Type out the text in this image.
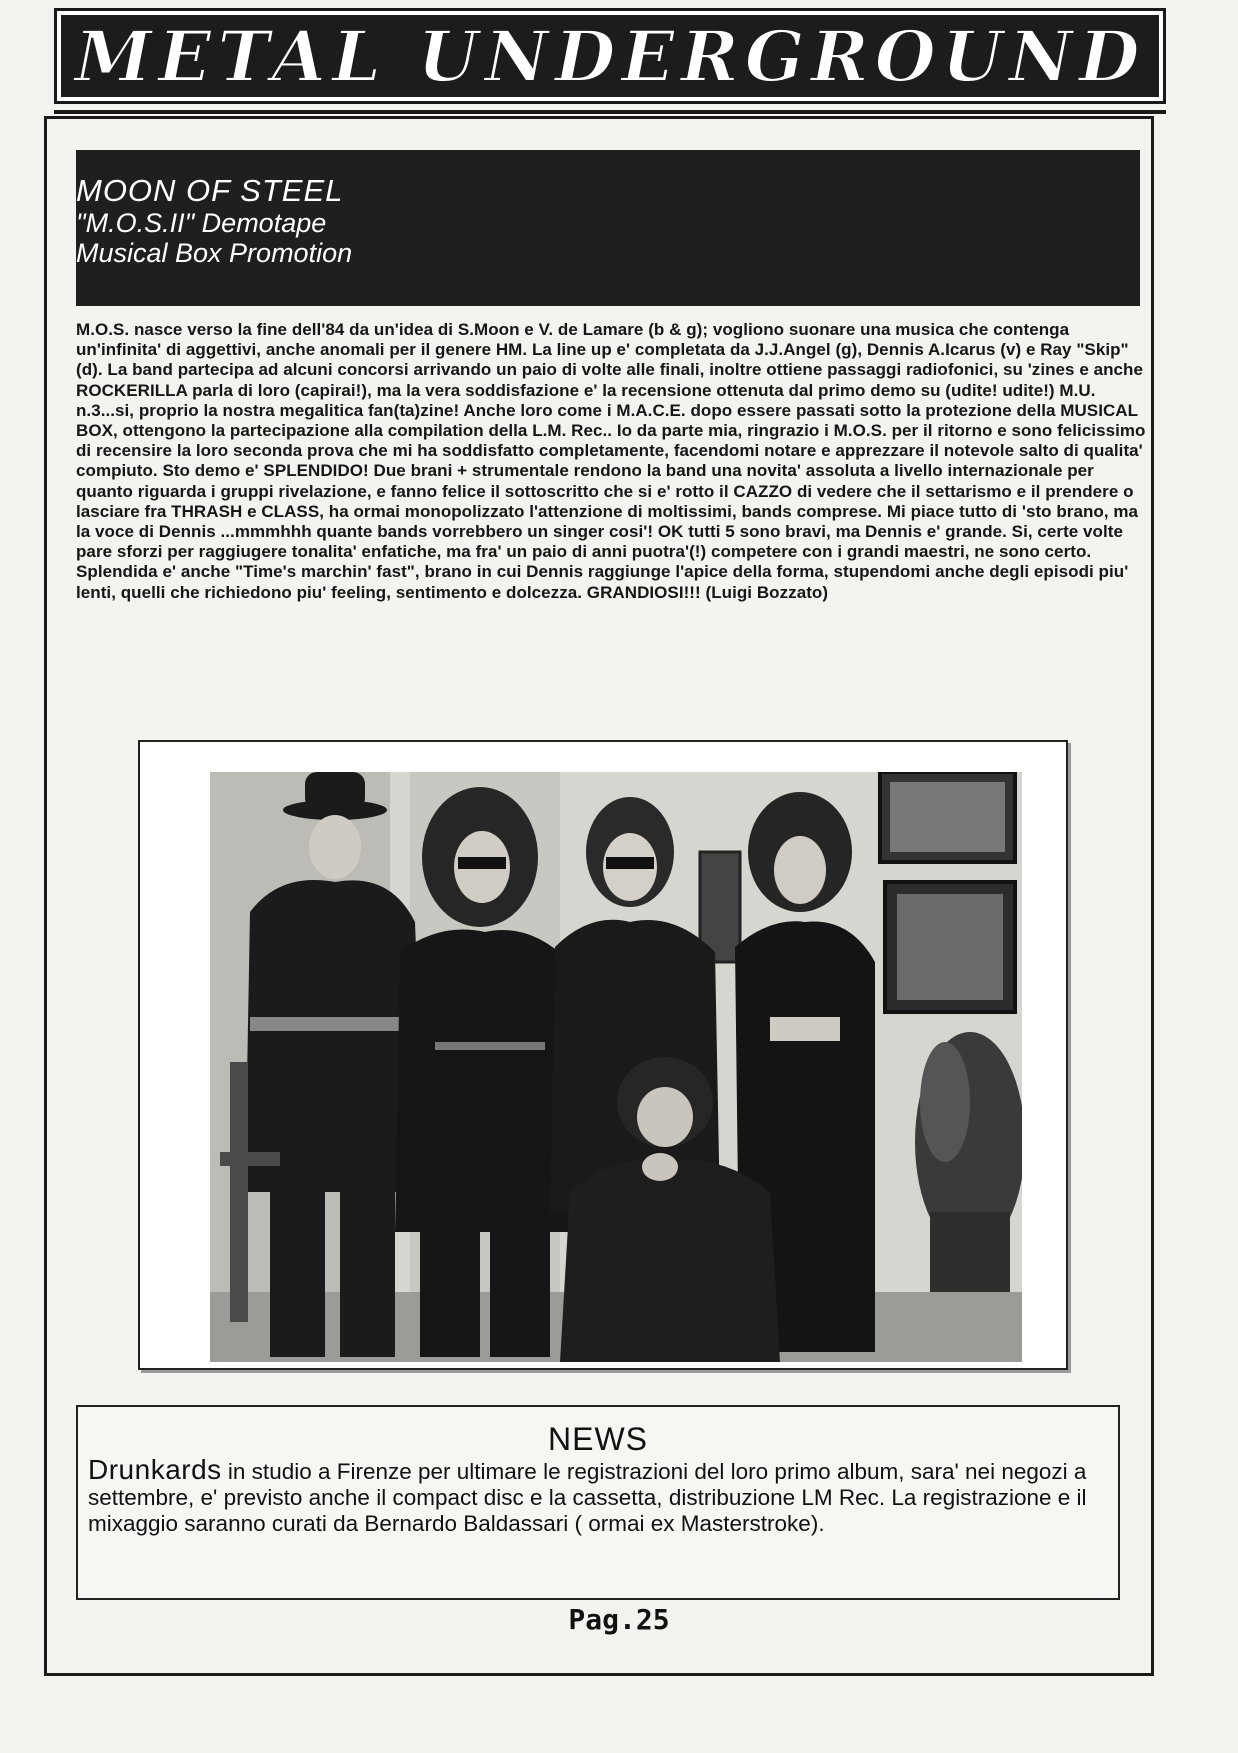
METAL UNDERGROUND

MOON OF STEEL

"M.O.S.II" Demotape

Musical Box Promotion

M.O.S. nasce verso la fine dell'84 da un'idea di S.Moon e V. de Lamare (b & g); vogliono suonare una musica che contenga un'infinita' di aggettivi, anche anomali per il genere HM. La line up e' completata da J.J.Angel (g), Dennis A.Icarus (v) e Ray "Skip" (d). La band partecipa ad alcuni concorsi arrivando un paio di volte alle finali, inoltre ottiene passaggi radiofonici, su 'zines e anche ROCKERILLA parla di loro (capirai!), ma la vera soddisfazione e' la recensione ottenuta dal primo demo su (udite! udite!) M.U. n.3...si, proprio la nostra megalitica fan(ta)zine! Anche loro come i M.A.C.E. dopo essere passati sotto la protezione della MUSICAL BOX, ottengono la partecipazione alla compilation della L.M. Rec.. Io da parte mia, ringrazio i M.O.S. per il ritorno e sono felicissimo di recensire la loro seconda prova che mi ha soddisfatto completamente, facendomi notare e apprezzare il notevole salto di qualita' compiuto. Sto demo e' SPLENDIDO! Due brani + strumentale rendono la band una novita' assoluta a livello internazionale per quanto riguarda i gruppi rivelazione, e fanno felice il sottoscritto che si e' rotto il CAZZO di vedere che il settarismo e il prendere o lasciare fra THRASH e CLASS, ha ormai monopolizzato l'attenzione di moltissimi, bands comprese. Mi piace tutto di 'sto brano, ma la voce di Dennis ...mmmhhh quante bands vorrebbero un singer cosi'! OK tutti 5 sono bravi, ma Dennis e' grande. Si, certe volte pare sforzi per raggiugere tonalita' enfatiche, ma fra' un paio di anni puotra'(!) competere con i grandi maestri, ne sono certo. Splendida e' anche "Time's marchin' fast", brano in cui Dennis raggiunge l'apice della forma, stupendomi anche degli episodi piu' lenti, quelli che richiedono piu' feeling, sentimento e dolcezza. GRANDIOSI!!! (Luigi Bozzato)

NEWS
Drunkards in studio a Firenze per ultimare le registrazioni del loro primo album, sara' nei negozi a settembre, e' previsto anche il compact disc e la cassetta, distribuzione LM Rec. La registrazione e il mixaggio saranno curati da Bernardo Baldassari ( ormai ex Masterstroke).
Pag.25
